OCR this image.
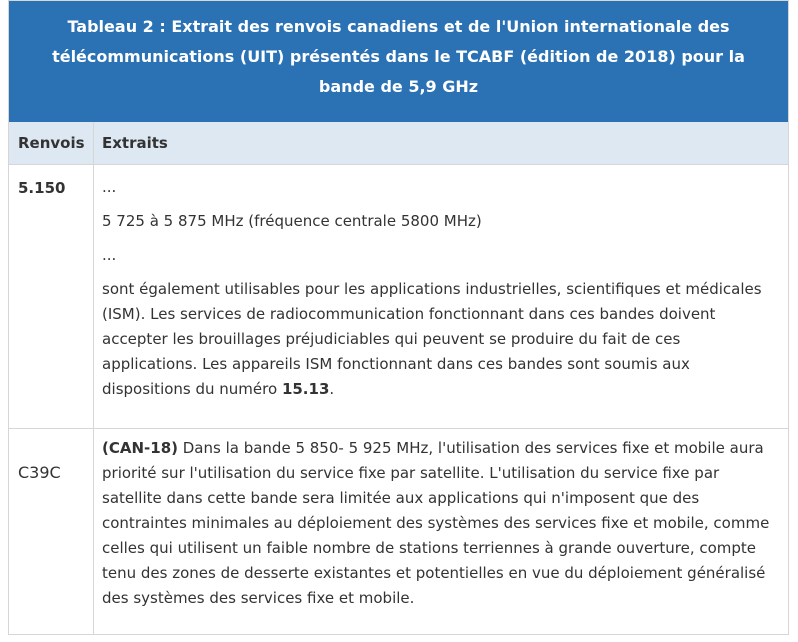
Tableau 2 : Extrait des renvois canadiens et de l'Union internationale des télécommunications (UIT) présentés dans le TCABF (édition de 2018) pour la bande de 5,9 GHz
Renvois	Extraits
5.150	...

5 725 à 5 875 MHz (fréquence centrale 5800 MHz)

...

sont également utilisables pour les applications industrielles, scientifiques et médicales (ISM). Les services de radiocommunication fonctionnant dans ces bandes doivent accepter les brouillages préjudiciables qui peuvent se produire du fait de ces applications. Les appareils ISM fonctionnant dans ces bandes sont soumis aux dispositions du numéro 15.13.

C39C

(CAN-18) Dans la bande 5 850- 5 925 MHz, l'utilisation des services fixe et mobile aura priorité sur l'utilisation du service fixe par satellite. L'utilisation du service fixe par satellite dans cette bande sera limitée aux applications qui n'imposent que des contraintes minimales au déploiement des systèmes des services fixe et mobile, comme celles qui utilisent un faible nombre de stations terriennes à grande ouverture, compte tenu des zones de desserte existantes et potentielles en vue du déploiement généralisé des systèmes des services fixe et mobile.
